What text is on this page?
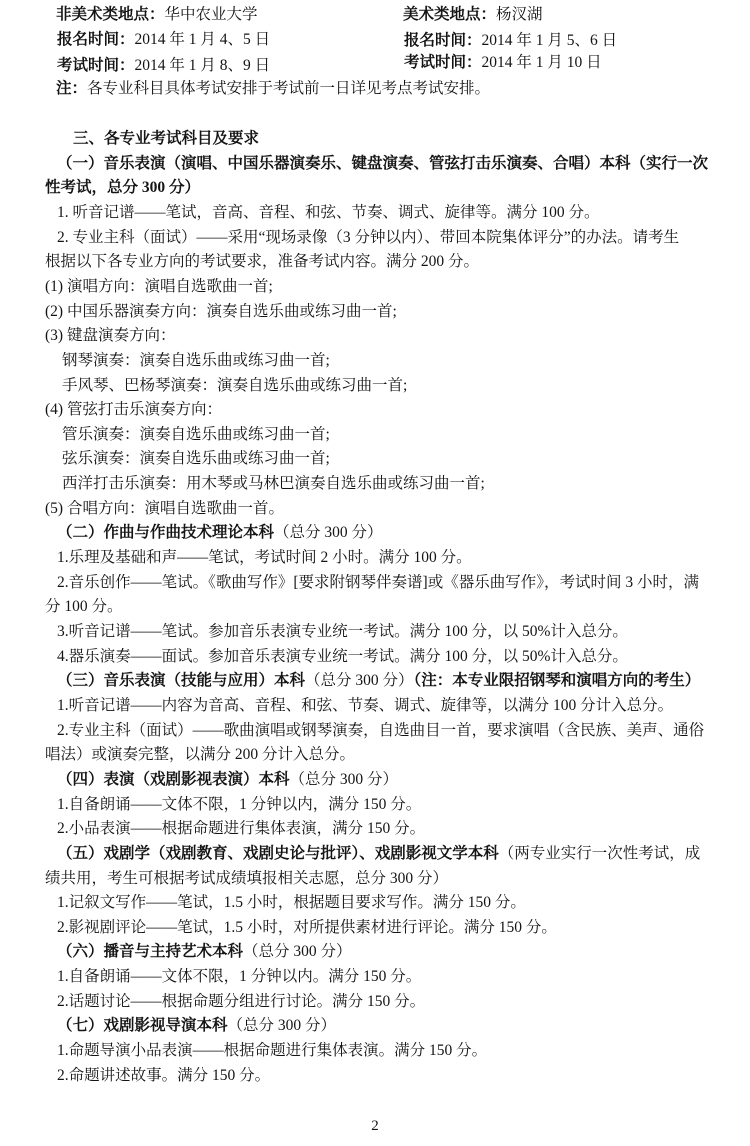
非美术类地点：华中农业大学
报名时间：2014 年 1 月 4、5 日
考试时间：2014 年 1 月 8、9 日
美术类地点：杨汊湖
报名时间：2014 年 1 月 5、6 日
考试时间：2014 年 1 月 10 日
注：各专业科目具体考试安排于考试前一日详见考点考试安排。
三、各专业考试科目及要求
（一）音乐表演（演唱、中国乐器演奏乐、键盘演奏、管弦打击乐演奏、合唱）本科（实行一次
性考试，总分 300 分）
1. 听音记谱——笔试，音高、音程、和弦、节奏、调式、旋律等。满分 100 分。
2. 专业主科（面试）——采用“现场录像（3 分钟以内）、带回本院集体评分”的办法。请考生
根据以下各专业方向的考试要求，准备考试内容。满分 200 分。
(1) 演唱方向：演唱自选歌曲一首;
(2) 中国乐器演奏方向：演奏自选乐曲或练习曲一首;
(3) 键盘演奏方向：
钢琴演奏：演奏自选乐曲或练习曲一首;
手风琴、巴杨琴演奏：演奏自选乐曲或练习曲一首;
(4) 管弦打击乐演奏方向：
管乐演奏：演奏自选乐曲或练习曲一首;
弦乐演奏：演奏自选乐曲或练习曲一首;
西洋打击乐演奏：用木琴或马林巴演奏自选乐曲或练习曲一首;
(5) 合唱方向：演唱自选歌曲一首。
（二）作曲与作曲技术理论本科（总分 300 分）
1.乐理及基础和声——笔试，考试时间 2 小时。满分 100 分。
2.音乐创作——笔试。《歌曲写作》[要求附钢琴伴奏谱]或《器乐曲写作》，考试时间 3 小时，满
分 100 分。
3.听音记谱——笔试。参加音乐表演专业统一考试。满分 100 分，以 50%计入总分。
4.器乐演奏——面试。参加音乐表演专业统一考试。满分 100 分，以 50%计入总分。
（三）音乐表演（技能与应用）本科（总分 300 分）（注：本专业限招钢琴和演唱方向的考生）
1.听音记谱——内容为音高、音程、和弦、节奏、调式、旋律等，以满分 100 分计入总分。
2.专业主科（面试）——歌曲演唱或钢琴演奏，自选曲目一首，要求演唱（含民族、美声、通俗
唱法）或演奏完整，以满分 200 分计入总分。
（四）表演（戏剧影视表演）本科（总分 300 分）
1.自备朗诵——文体不限，1 分钟以内，满分 150 分。
2.小品表演——根据命题进行集体表演，满分 150 分。
（五）戏剧学（戏剧教育、戏剧史论与批评）、戏剧影视文学本科（两专业实行一次性考试，成
绩共用，考生可根据考试成绩填报相关志愿，总分 300 分）
1.记叙文写作——笔试，1.5 小时，根据题目要求写作。满分 150 分。
2.影视剧评论——笔试，1.5 小时，对所提供素材进行评论。满分 150 分。
（六）播音与主持艺术本科（总分 300 分）
1.自备朗诵——文体不限，1 分钟以内。满分 150 分。
2.话题讨论——根据命题分组进行讨论。满分 150 分。
（七）戏剧影视导演本科（总分 300 分）
1.命题导演小品表演——根据命题进行集体表演。满分 150 分。
2.命题讲述故事。满分 150 分。
2
